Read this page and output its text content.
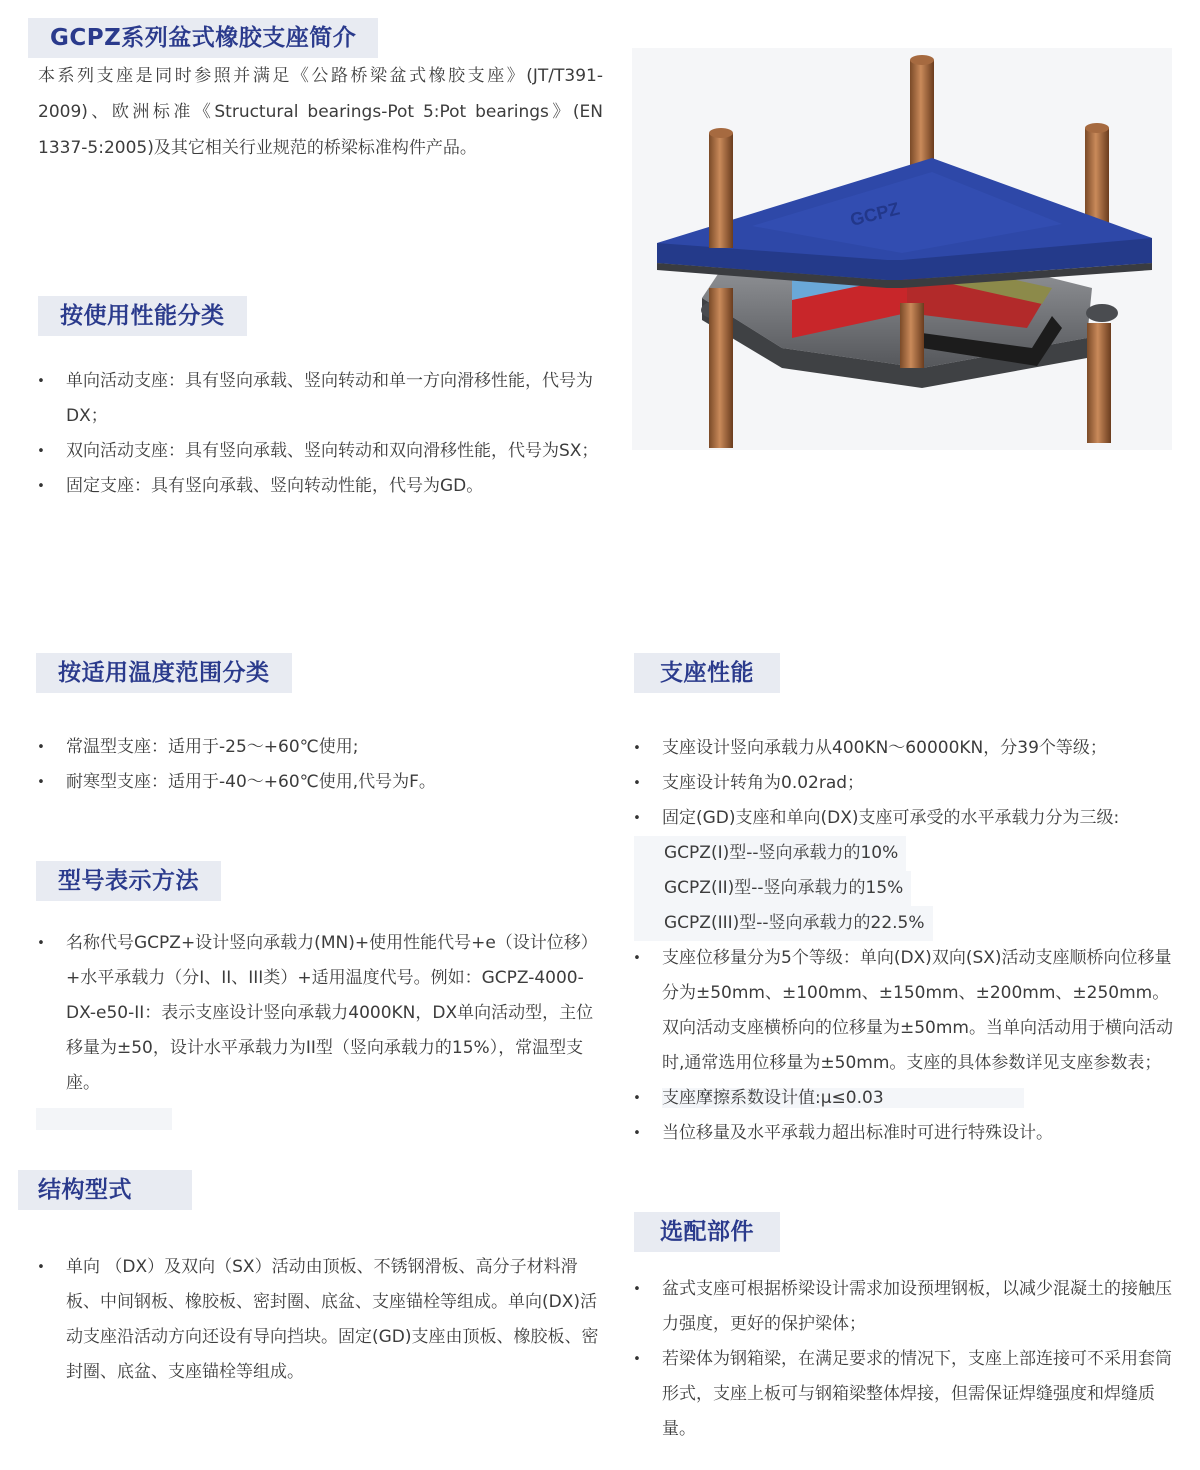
GCPZ系列盆式橡胶支座简介
本系列支座是同时参照并满足《公路桥梁盆式橡胶支座》(JT/T391-2009)、欧洲标准《Structural bearings-Pot 5:Pot bearings》(EN 1337-5:2005)及其它相关行业规范的桥梁标准构件产品。
GCPZ
按使用性能分类
• 单向活动支座：具有竖向承载、竖向转动和单一方向滑移性能，代号为DX；
• 双向活动支座：具有竖向承载、竖向转动和双向滑移性能，代号为SX；
• 固定支座：具有竖向承载、竖向转动性能，代号为GD。
按适用温度范围分类
• 常温型支座：适用于-25～+60℃使用;
• 耐寒型支座：适用于-40～+60℃使用,代号为F。
型号表示方法
• 名称代号GCPZ+设计竖向承载力(MN)+使用性能代号+e（设计位移）+水平承载力（分I、II、III类）+适用温度代号。例如：GCPZ-4000-DX-e50-II：表示支座设计竖向承载力4000KN，DX单向活动型，主位移量为±50，设计水平承载力为II型（竖向承载力的15%），常温型支座。
结构型式
• 单向 （DX）及双向（SX）活动由顶板、不锈钢滑板、高分子材料滑板、中间钢板、橡胶板、密封圈、底盆、支座锚栓等组成。单向(DX)活动支座沿活动方向还设有导向挡块。固定(GD)支座由顶板、橡胶板、密封圈、底盆、支座锚栓等组成。
支座性能
• 支座设计竖向承载力从400KN～60000KN，分39个等级；
• 支座设计转角为0.02rad；
• 固定(GD)支座和单向(DX)支座可承受的水平承载力分为三级:
GCPZ(I)型--竖向承载力的10%
GCPZ(II)型--竖向承载力的15%
GCPZ(III)型--竖向承载力的22.5%
• 支座位移量分为5个等级：单向(DX)双向(SX)活动支座顺桥向位移量分为±50mm、±100mm、±150mm、±200mm、±250mm。双向活动支座横桥向的位移量为±50mm。当单向活动用于横向活动时,通常选用位移量为±50mm。支座的具体参数详见支座参数表；
• 支座摩擦系数设计值:μ≤0.03
• 当位移量及水平承载力超出标准时可进行特殊设计。
选配部件
• 盆式支座可根据桥梁设计需求加设预埋钢板，以减少混凝土的接触压力强度，更好的保护梁体；
• 若梁体为钢箱梁，在满足要求的情况下，支座上部连接可不采用套筒形式，支座上板可与钢箱梁整体焊接，但需保证焊缝强度和焊缝质量。
